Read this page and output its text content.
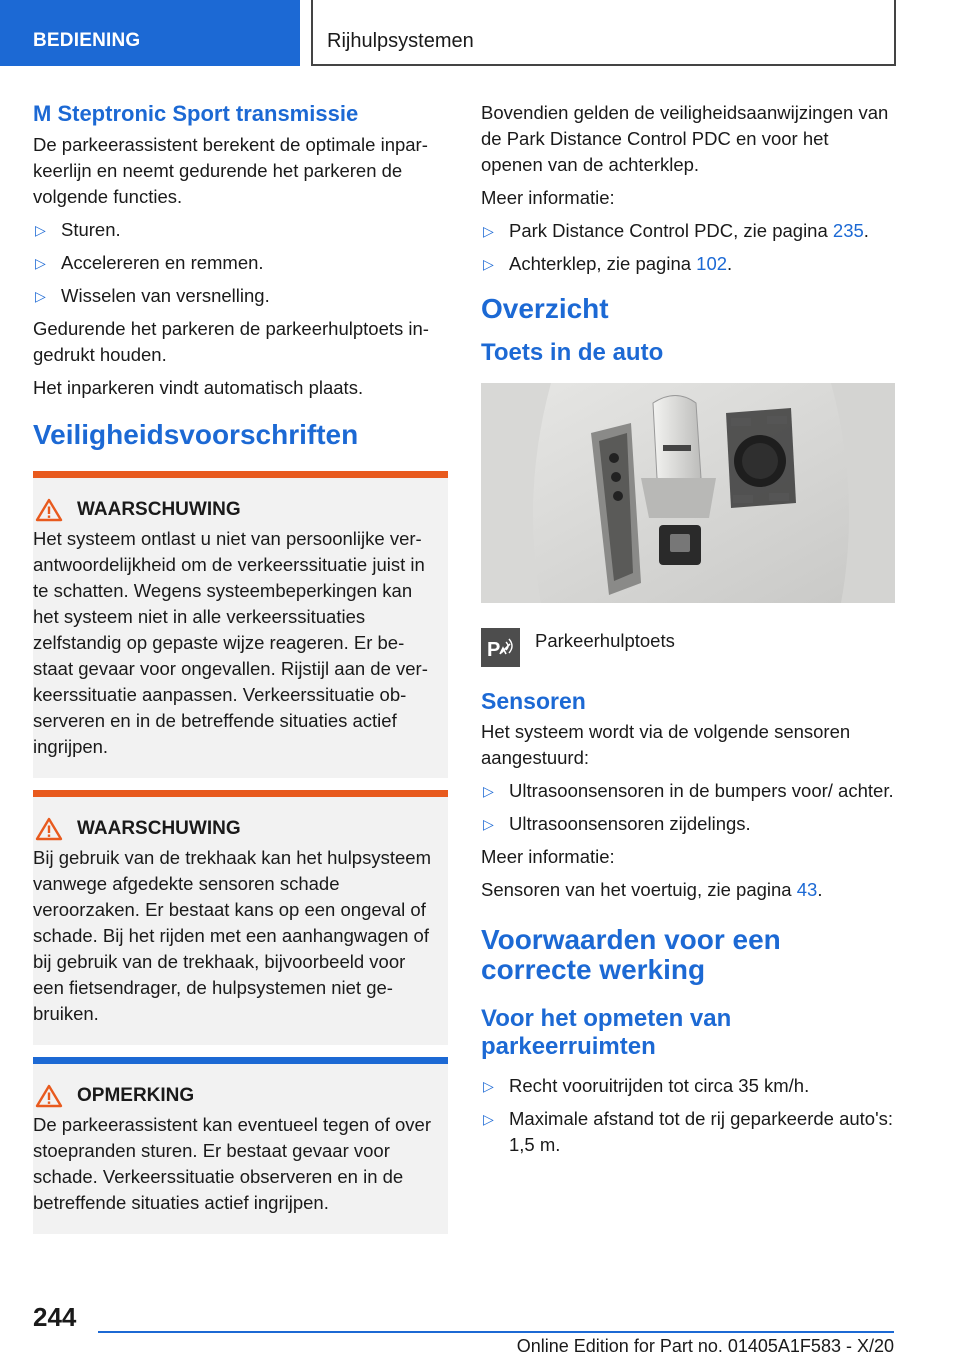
BEDIENING	Rijhulpsystemen
M Steptronic Sport transmissie

De parkeerassistent berekent de optimale inparkeerlijn en neemt gedurende het parkeren de volgende functies.

▷ Sturen.
▷ Accelereren en remmen.
▷ Wisselen van versnelling.

Gedurende het parkeren de parkeerhulptoets ingedrukt houden.

Het inparkeren vindt automatisch plaats.

Veiligheidsvoorschriften
WAARSCHUWING

Het systeem ontlast u niet van persoonlijke verantwoordelijkheid om de verkeerssituatie juist in te schatten. Wegens systeembeperkingen kan het systeem niet in alle verkeerssituaties zelfstandig op gepaste wijze reageren. Er bestaat gevaar voor ongevallen. Rijstijl aan de verkeerssituatie aanpassen. Verkeerssituatie observeren en in de betreffende situaties actief ingrijpen.

WAARSCHUWING

Bij gebruik van de trekhaak kan het hulpsysteem vanwege afgedekte sensoren schade veroorzaken. Er bestaat kans op een ongeval of schade. Bij het rijden met een aanhangwagen of bij gebruik van de trekhaak, bijvoorbeeld voor een fietsendrager, de hulpsystemen niet gebruiken.

OPMERKING

De parkeerassistent kan eventueel tegen of over stoepranden sturen. Er bestaat gevaar voor schade. Verkeerssituatie observeren en in de betreffende situaties actief ingrijpen.

Bovendien gelden de veiligheidsaanwijzingen van de Park Distance Control PDC en voor het openen van de achterklep.

Meer informatie:

▷ Park Distance Control PDC, zie pagina 235.
▷ Achterklep, zie pagina 102.
Overzicht
Toets in de auto
P Parkeerhulptoets
Sensoren

Het systeem wordt via de volgende sensoren aangestuurd:

▷ Ultrasoonsensoren in de bumpers voor/ achter.
▷ Ultrasoonsensoren zijdelings.

Meer informatie:

Sensoren van het voertuig, zie pagina 43.

Voorwaarden voor een correcte werking
Voor het opmeten van parkeerruimten
▷ Recht vooruitrijden tot circa 35 km/h.
▷ Maximale afstand tot de rij geparkeerde auto's: 1,5 m.
244
Online Edition for Part no. 01405A1F583 - X/20
